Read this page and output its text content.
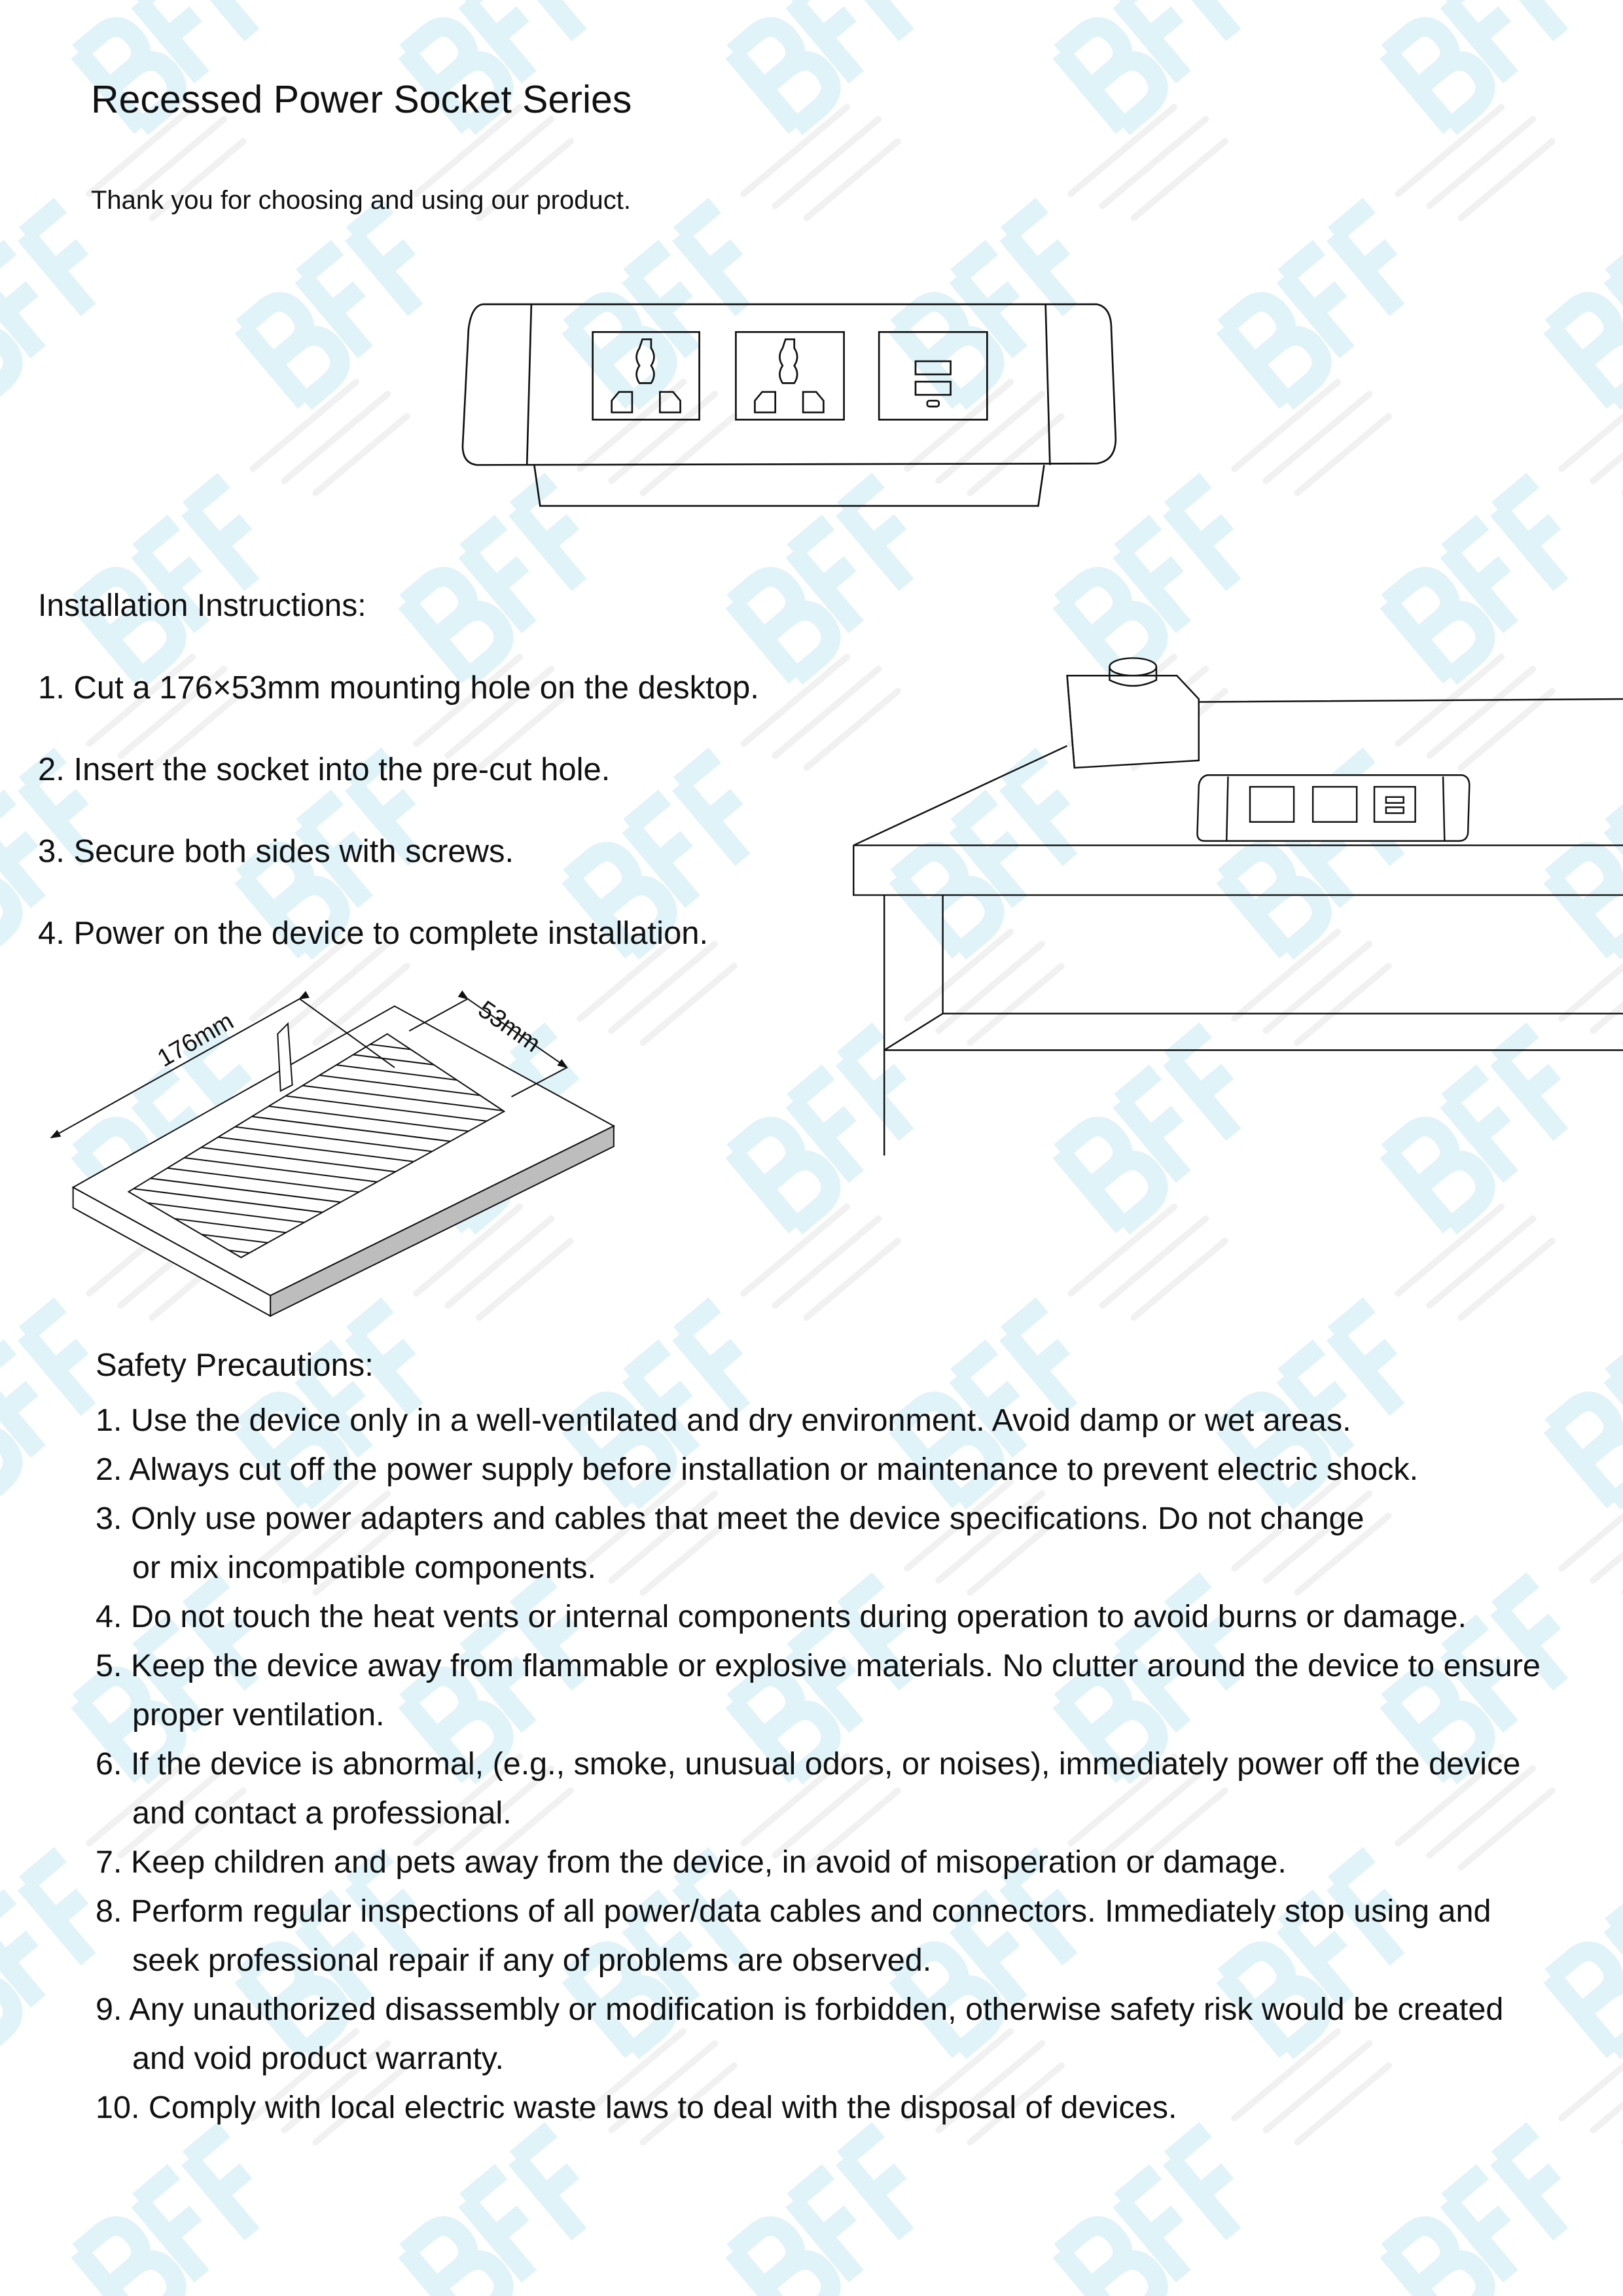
Recessed Power Socket Series
Thank you for choosing and using our product.
Installation Instructions:
1. Cut a 176×53mm mounting hole on the desktop.
2. Insert the socket into the pre-cut hole.
3. Secure both sides with screws.
4. Power on the device to complete installation.
176mm	53mm
Safety Precautions:
1. Use the device only in a well-ventilated and dry environment. Avoid damp or wet areas.
2. Always cut off the power supply before installation or maintenance to prevent electric shock.
3. Only use power adapters and cables that meet the device specifications. Do not change
or mix incompatible components.
4. Do not touch the heat vents or internal components during operation to avoid burns or damage.
5. Keep the device away from flammable or explosive materials. No clutter around the device to ensure
proper ventilation.
6. If the device is abnormal, (e.g., smoke, unusual odors, or noises), immediately power off the device
and contact a professional.
7. Keep children and pets away from the device, in avoid of misoperation or damage.
8. Perform regular inspections of all power/data cables and connectors. Immediately stop using and
seek professional repair if any of problems are observed.
9. Any unauthorized disassembly or modification is forbidden, otherwise safety risk would be created
and void product warranty.
10. Comply with local electric waste laws to deal with the disposal of devices.
